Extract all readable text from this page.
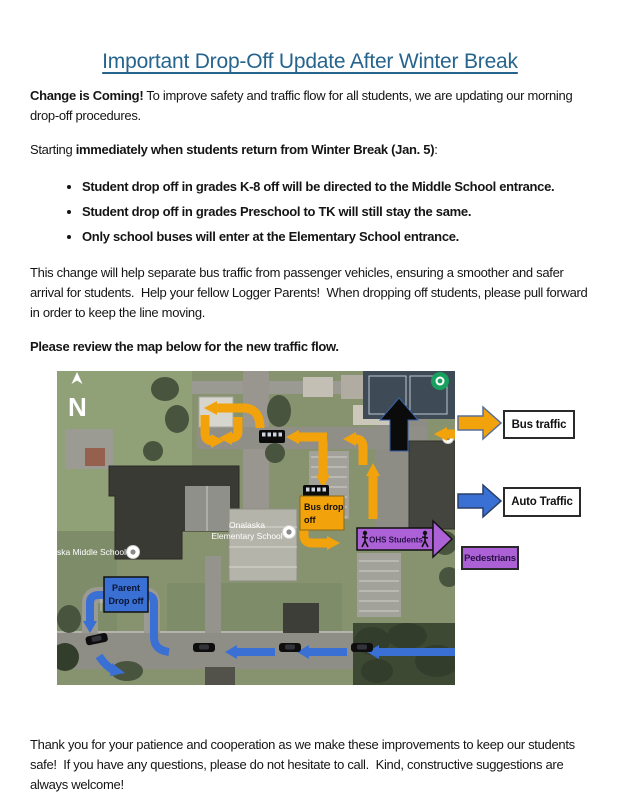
Important Drop-Off Update After Winter Break

Change is Coming! To improve safety and traffic flow for all students, we are updating our morning drop-off procedures.

Starting immediately when students return from Winter Break (Jan. 5):

• Student drop off in grades K-8 off will be directed to the Middle School entrance.
• Student drop off in grades Preschool to TK will still stay the same.
• Only school buses will enter at the Elementary School entrance.

This change will help separate bus traffic from passenger vehicles, ensuring a smoother and safer arrival for students.  Help your fellow Logger Parents!  When dropping off students, please pull forward in order to keep the line moving.

Please review the map below for the new traffic flow.

N
Onalaska
Elementary School
ska Middle School
Bus drop
off
Parent
Drop off
OHS Students

Thank you for your patience and cooperation as we make these improvements to keep our students safe!  If you have any questions, please do not hesitate to call.  Kind, constructive suggestions are always welcome!

Bus traffic
Auto Traffic
Pedestrians
